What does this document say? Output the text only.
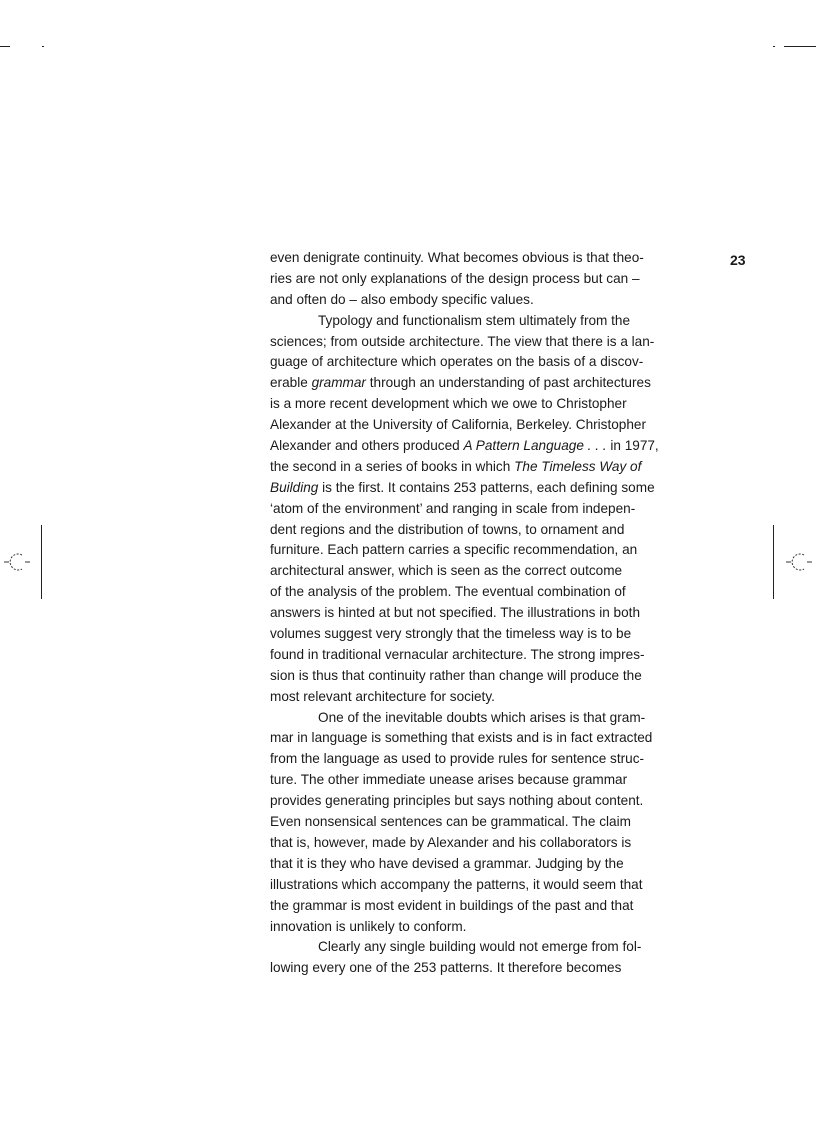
23
even denigrate continuity. What becomes obvious is that theo-
ries are not only explanations of the design process but can –
and often do – also embody specific values.
Typology and functionalism stem ultimately from the
sciences; from outside architecture. The view that there is a lan-
guage of architecture which operates on the basis of a discov-
erable grammar through an understanding of past architectures
is a more recent development which we owe to Christopher
Alexander at the University of California, Berkeley. Christopher
Alexander and others produced A Pattern Language . . . in 1977,
the second in a series of books in which The Timeless Way of
Building is the first. It contains 253 patterns, each defining some
‘atom of the environment’ and ranging in scale from indepen-
dent regions and the distribution of towns, to ornament and
furniture. Each pattern carries a specific recommendation, an
architectural answer, which is seen as the correct outcome
of the analysis of the problem. The eventual combination of
answers is hinted at but not specified. The illustrations in both
volumes suggest very strongly that the timeless way is to be
found in traditional vernacular architecture. The strong impres-
sion is thus that continuity rather than change will produce the
most relevant architecture for society.
One of the inevitable doubts which arises is that gram-
mar in language is something that exists and is in fact extracted
from the language as used to provide rules for sentence struc-
ture. The other immediate unease arises because grammar
provides generating principles but says nothing about content.
Even nonsensical sentences can be grammatical. The claim
that is, however, made by Alexander and his collaborators is
that it is they who have devised a grammar. Judging by the
illustrations which accompany the patterns, it would seem that
the grammar is most evident in buildings of the past and that
innovation is unlikely to conform.
Clearly any single building would not emerge from fol-
lowing every one of the 253 patterns. It therefore becomes
